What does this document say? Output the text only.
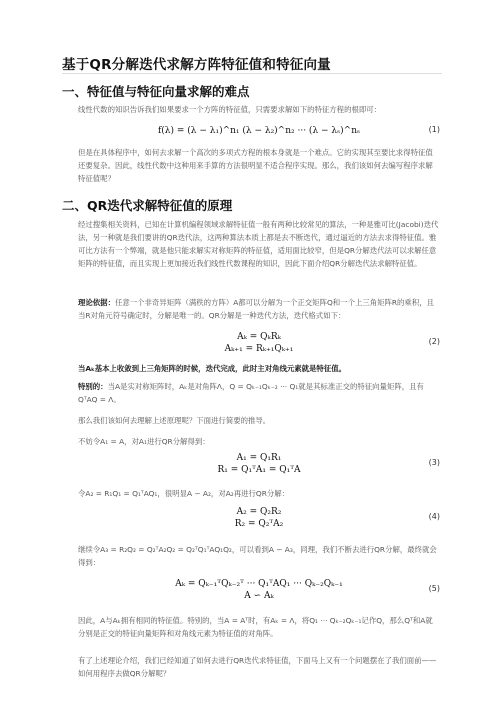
基于QR分解迭代求解方阵特征值和特征向量
一、特征值与特征向量求解的难点

线性代数的知识告诉我们如果要求一个方阵的特征值，只需要求解如下的特征方程的根即可：

f(λ) = (λ − λ₁)^n₁ (λ − λ₂)^n₂ ··· (λ − λₛ)^nₛ	(1)

但是在具体程序中，如何去求解一个高次的多项式方程的根本身就是一个难点。它的实现其至要比求得特征值还要复杂。因此，线性代数中这种用来手算的方法很明显不适合程序实现。那么，我们该如何去编写程序求解特征值呢？

二、QR迭代求解特征值的原理

经过搜集相关资料，已知在计算机编程领域求解特征值一般有两种比较常见的算法，一种是雅可比(Jacobi)迭代法，另一种就是我们要讲的QR迭代法，这两种算法本质上都是去不断迭代，通过逼近的方法去求得特征值。雅可比方法有一个弊端，就是他只能求解实对称矩阵的特征值，适用面比较窄，但是QR分解迭代法可以求解任意矩阵的特征值，而且实现上更加接近我们线性代数课程的知识，因此下面介绍QR分解迭代法求解特征值。

理论依据：任意一个非奇异矩阵（满秩的方阵）A都可以分解为一个正交矩阵Q和一个上三角矩阵R的乘积，且当R对角元符号确定时，分解是唯一的。QR分解是一种迭代方法，迭代格式如下：

Aₖ = QₖRₖ
Aₖ₊₁ = Rₖ₊₁Qₖ₊₁
(2)

当Aₖ基本上收敛到上三角矩阵的时候，迭代完成，此时主对角线元素就是特征值。

特别的：当A是实对称矩阵时，Aₖ是对角阵Λ，Q = Qₖ₋₁Qₖ₋₂ ··· Q₁就是其标准正交的特征向量矩阵，且有QᵀAQ = Λ。

那么我们该如何去理解上述原理呢？下面进行简要的推导。

不妨令A₁ = A，对A₁进行QR分解得到：

A₁ = Q₁R₁
R₁ = Q₁ᵀA₁ = Q₁ᵀA
(3)

令A₂ = R₁Q₁ = Q₁ᵀAQ₁，很明显A ∽ A₂，对A₂再进行QR分解：

A₂ = Q₂R₂
R₂ = Q₂ᵀA₂
(4)

继续令A₃ = R₂Q₂ = Q₂ᵀA₂Q₂ = Q₂ᵀQ₁ᵀAQ₁Q₂，可以看到A ∽ A₃，同理，我们不断去进行QR分解，最终就会得到：

Aₖ = Qₖ₋₁ᵀQₖ₋₂ᵀ ··· Q₁ᵀAQ₁ ··· Qₖ₋₂Qₖ₋₁
A ∽ Aₖ
(5)

因此，A与Aₖ拥有相同的特征值。特别的，当A = Aᵀ时，有Aₖ = Λ，将Q₁ ··· Qₖ₋₂Qₖ₋₁记作Q，那么Qᵀ和A就分别是正交的特征向量矩阵和对角线元素为特征值的对角阵。

有了上述理论介绍，我们已经知道了如何去进行QR迭代求特征值，下面马上又有一个问题摆在了我们面前——如何用程序去做QR分解呢？
